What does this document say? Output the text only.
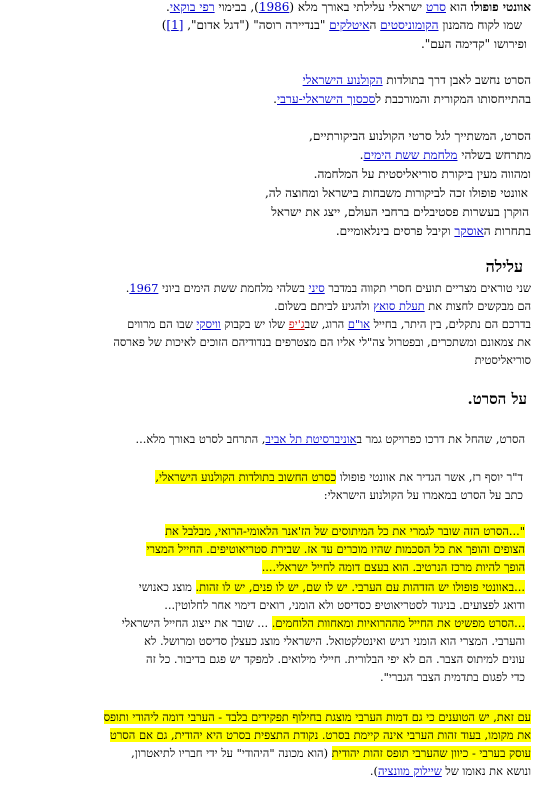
אוונטי פופולו הוא סרט ישראלי עלילתי באורך מלא (1986), בבימוי רפי בוקאי.
שמו לקוח מהמנון הקומוניסטים האיטלקים "בנדיירה רוסה" ("דגל אדום", [1])
ופירושו "קדימה העם".
הסרט נחשב לאבן דרך בתולדות הקולנוע הישראלי
בהתייחסותו המקורית והמורכבת לסכסוך הישראלי-ערבי.
הסרט, המשתייך לגל סרטי הקולנוע הביקורתיים,
מתרחש בשלהי מלחמת ששת הימים.
ומהווה מעין ביקורת סוריאליסטית על המלחמה.
אוונטי פופולו זכה לביקורות משבחות בישראל ומחוצה לה,
הוקרן בעשרות פסטיבלים ברחבי העולם, ייצג את ישראל
בתחרות האוסקר וקיבל פרסים בינלאומיים.
עלילה
שני טוראים מצריים תועים חסרי תקווה במדבר סיני בשלהי מלחמת ששת הימים ביוני 1967.
הם מבקשים לחצות את תעלת סואץ ולהגיע לביתם בשלום.
בדרכם הם נתקלים, בין היתר, בחייל או"ם הרוג, שבג'יפ שלו יש בקבוק וויסקי שבו הם מרווים
את צמאונם ומשתכרים, ובפטרול צה"לי אליו הם מצטרפים בנדודיהם הזוכים לאיכות של פארסה
סוריאליסטית
על הסרט.
הסרט, שהחל את דרכו כפרויקט גמר באוניברסיטת תל אביב, התרחב לסרט באורך מלא...
ד"ר יוסף רז, אשר הגדיר את אוונטי פופולו כסרט החשוב בתולדות הקולנוע הישראלי,
כתב על הסרט במאמרו על הקולנוע הישראלי:
"...הסרט הזה שובר לגמרי את כל המיתוסים של הז'אנר הלאומי-הרואי, מבלבל את
הצופים והופך את כל הסכמות שהיו מוכרים עד אז. שבירת סטריאוטיפים. החייל המצרי
הופך להיות מרכז הנרטיב. הוא בעצם דומה לחייל ישראלי....
...באוונטי פופולו יש הזדהות עם הערבי. יש לו שם, יש לו פנים, יש לו זהות. מוצג כאנושי
ודואג לפצועים. בניגוד לסטריאוטיפ כסדיסט ולא הומני, רואים דימוי אחר לחלוטין...
...הסרט מפשיט את החייל מההרואיות ומאחוות הלוחמים. ... שובר את ייצוג החייל הישראלי
והערבי. המצרי הוא הומני רגיש ואינטלקטואל. הישראלי מוצג כעצלן סדיסט ומרושל. לא
עונים למיתוס הצבר. הם לא יפי הבלורית. חיילי מילואים. למפקד יש פגם בדיבור. כל זה
כדי לפגום בתדמית הצבר הגברי".
עם זאת, יש הטוענים כי גם דמות הערבי מוצגת בחילוף תפקידים בלבד - הערבי דומה ליהודי ותופס
את מקומו, בעוד זהות הערבי אינה קיימת בסרט. נקודת התצפית בסרט היא יהודית, גם אם הסרט
עוסק בערבי - כיוון שהערבי תופס זהות יהודית (הוא מכונה "היהודי" על ידי חבריו לתיאטרון,
ונושא את נאומו של שיילוק מוונציה).
